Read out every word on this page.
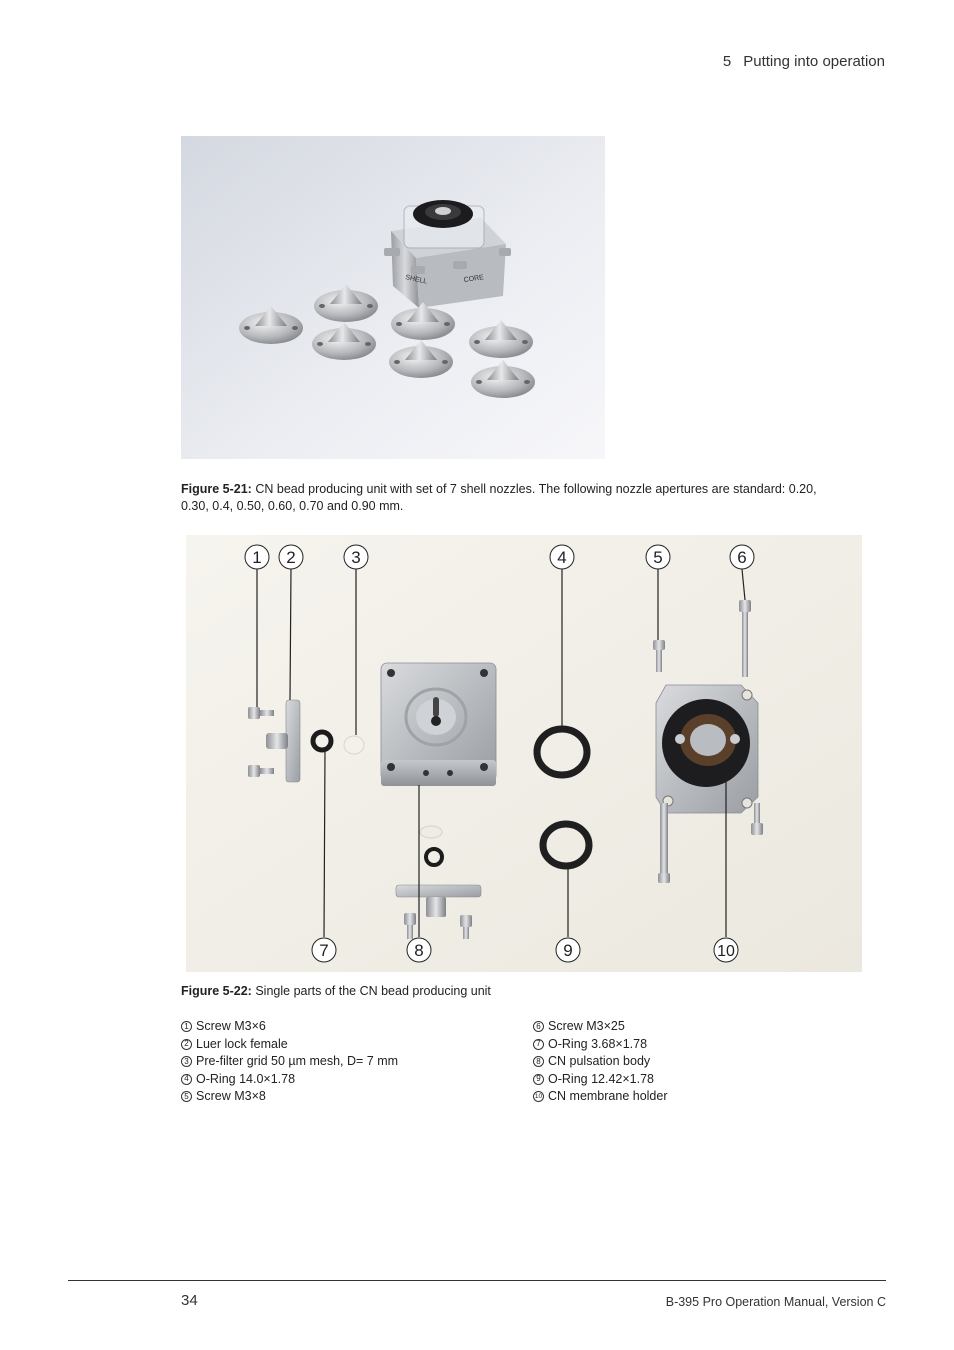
5 Putting into operation
SHELL	CORE
Figure 5-21: CN bead producing unit with set of 7 shell nozzles. The following nozzle apertures are standard: 0.20, 0.30, 0.4, 0.50, 0.60, 0.70 and 0.90 mm.
1 2	3	4	5	6
7	8	9	10
Figure 5-22: Single parts of the CN bead producing unit
1 Screw M3×6
2 Luer lock female
3 Pre-filter grid 50 µm mesh, D= 7 mm
4 O-Ring 14.0×1.78
5 Screw M3×8
6 Screw M3×25
7 O-Ring 3.68×1.78
8 CN pulsation body
9 O-Ring 12.42×1.78
10 CN membrane holder
34	B-395 Pro Operation Manual, Version C
